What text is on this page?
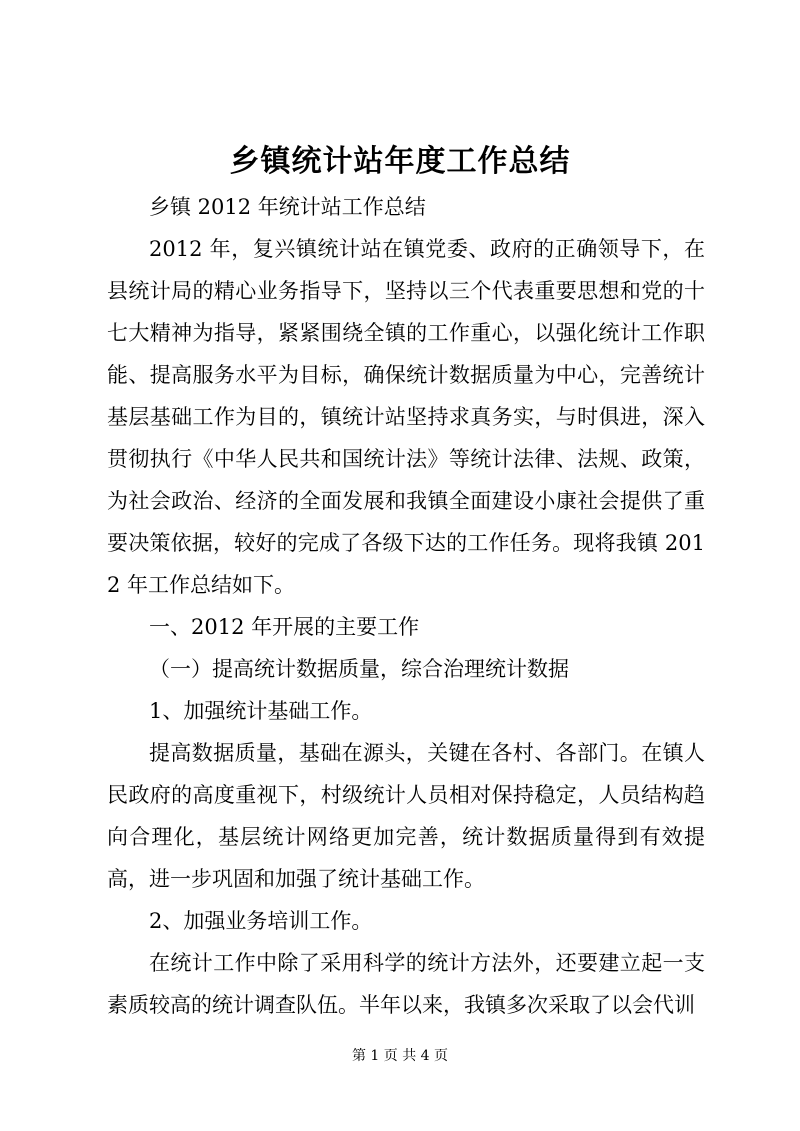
乡镇统计站年度工作总结

乡镇 2012 年统计站工作总结

2012 年，复兴镇统计站在镇党委、政府的正确领导下，在县统计局的精心业务指导下，坚持以三个代表重要思想和党的十七大精神为指导，紧紧围绕全镇的工作重心，以强化统计工作职能、提高服务水平为目标，确保统计数据质量为中心，完善统计基层基础工作为目的，镇统计站坚持求真务实，与时俱进，深入贯彻执行《中华人民共和国统计法》等统计法律、法规、政策，为社会政治、经济的全面发展和我镇全面建设小康社会提供了重要决策依据，较好的完成了各级下达的工作任务。现将我镇 2012 年工作总结如下。

一、2012 年开展的主要工作

（一）提高统计数据质量，综合治理统计数据

1、加强统计基础工作。

提高数据质量，基础在源头，关键在各村、各部门。在镇人民政府的高度重视下，村级统计人员相对保持稳定，人员结构趋向合理化，基层统计网络更加完善，统计数据质量得到有效提高，进一步巩固和加强了统计基础工作。

2、加强业务培训工作。

在统计工作中除了采用科学的统计方法外，还要建立起一支素质较高的统计调查队伍。半年以来，我镇多次采取了以会代训

第 1 页 共 4 页
